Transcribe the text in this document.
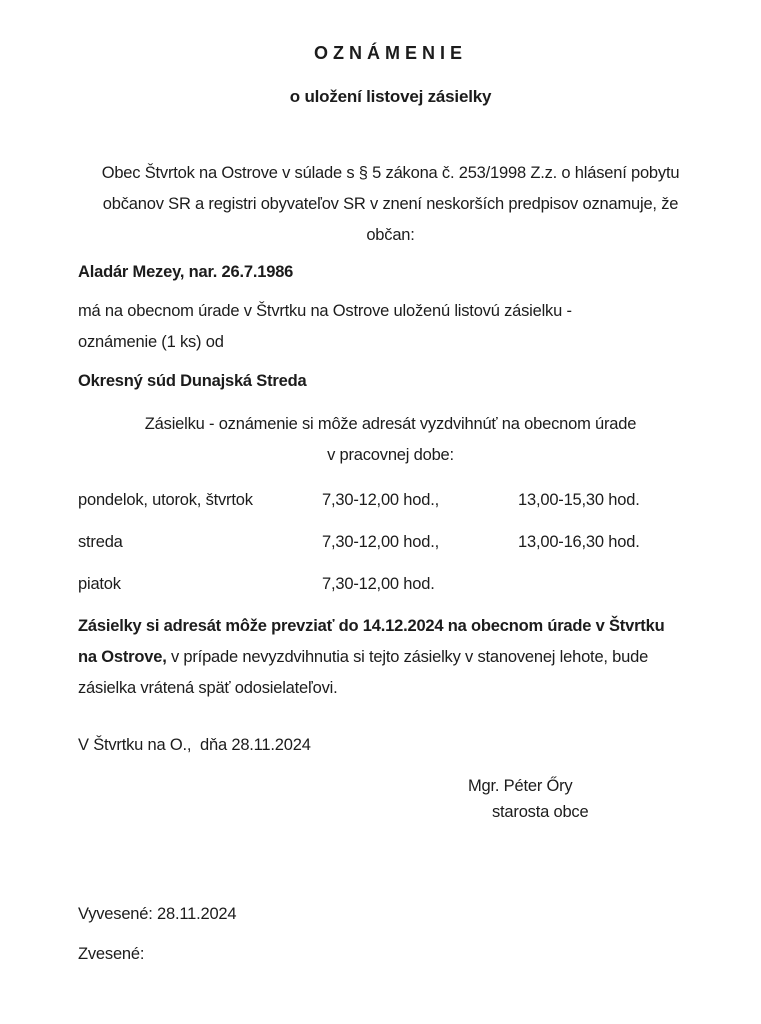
OZNÁMENIE
o uložení listovej zásielky
Obec Štvrtok na Ostrove v súlade s § 5 zákona č. 253/1998 Z.z. o hlásení pobytu
občanov SR a registri obyvateľov SR v znení neskorších predpisov oznamuje, že
občan:
Aladár Mezey, nar. 26.7.1986
má na obecnom úrade v Štvrtku na Ostrove uloženú listovú zásielku -
oznámenie (1 ks) od
Okresný súd Dunajská Streda
Zásielku - oznámenie si môže adresát vyzdvihnúť na obecnom úrade
v pracovnej dobe:
pondelok, utorok, štvrtok	7,30-12,00 hod.,	13,00-15,30 hod.
streda	7,30-12,00 hod.,	13,00-16,30 hod.
piatok	7,30-12,00 hod.
Zásielky si adresát môže prevziať do 14.12.2024 na obecnom úrade v Štvrtku
na Ostrove, v prípade nevyzdvihnutia si tejto zásielky v stanovenej lehote, bude
zásielka vrátená späť odosielateľovi.
V Štvrtku na O.,  dňa 28.11.2024
Mgr. Péter Őry
starosta obce
Vyvesené: 28.11.2024
Zvesené:
